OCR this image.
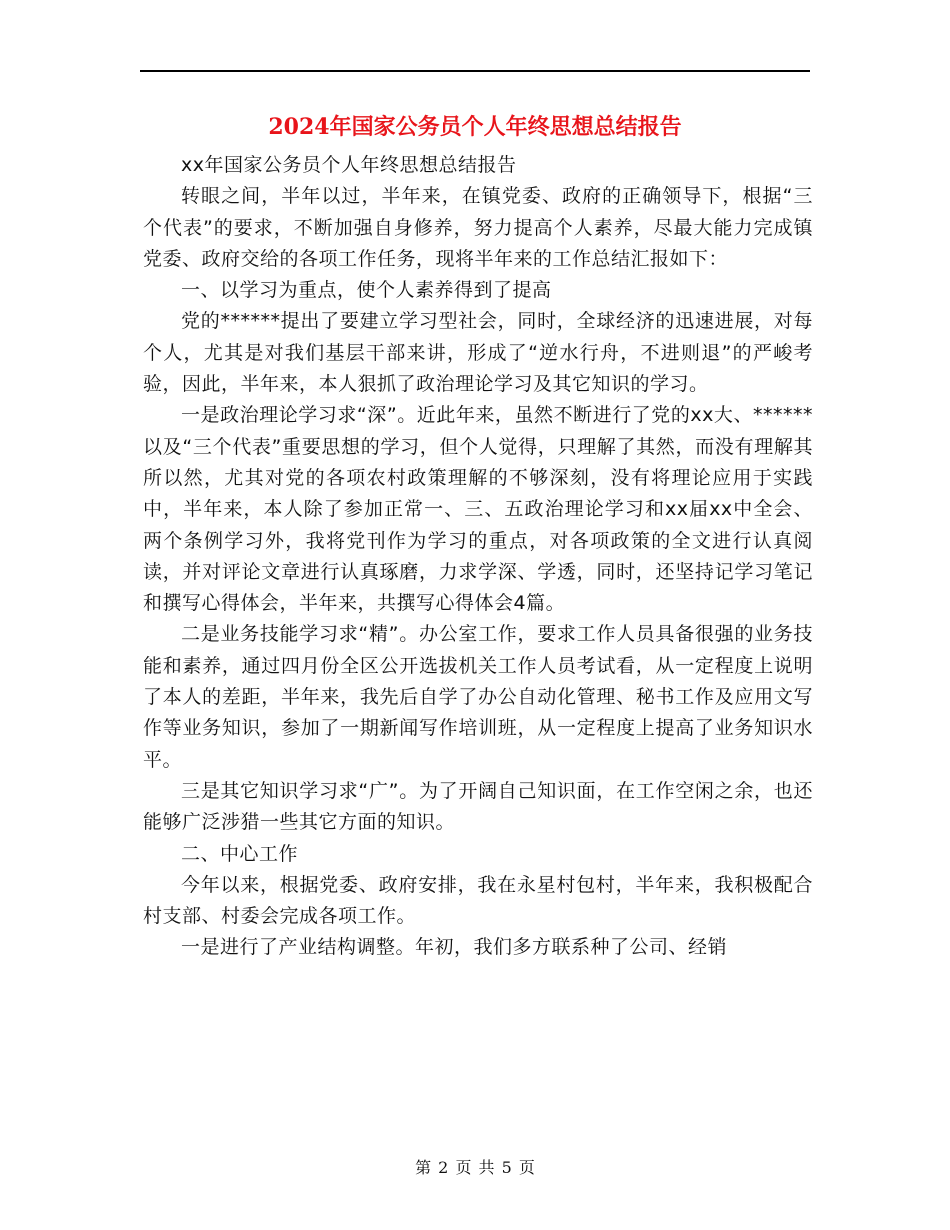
2024年国家公务员个人年终思想总结报告

xx年国家公务员个人年终思想总结报告

转眼之间，半年以过，半年来，在镇党委、政府的正确领导下，根据“三个代表”的要求，不断加强自身修养，努力提高个人素养，尽最大能力完成镇党委、政府交给的各项工作任务，现将半年来的工作总结汇报如下：

一、以学习为重点，使个人素养得到了提高

党的******提出了要建立学习型社会，同时，全球经济的迅速进展，对每个人，尤其是对我们基层干部来讲，形成了“逆水行舟，不进则退”的严峻考验，因此，半年来，本人狠抓了政治理论学习及其它知识的学习。

一是政治理论学习求“深”。近此年来，虽然不断进行了党的xx大、******以及“三个代表”重要思想的学习，但个人觉得，只理解了其然，而没有理解其所以然，尤其对党的各项农村政策理解的不够深刻，没有将理论应用于实践中，半年来，本人除了参加正常一、三、五政治理论学习和xx届xx中全会、两个条例学习外，我将党刊作为学习的重点，对各项政策的全文进行认真阅读，并对评论文章进行认真琢磨，力求学深、学透，同时，还坚持记学习笔记和撰写心得体会，半年来，共撰写心得体会4篇。

二是业务技能学习求“精”。办公室工作，要求工作人员具备很强的业务技能和素养，通过四月份全区公开选拔机关工作人员考试看，从一定程度上说明了本人的差距，半年来，我先后自学了办公自动化管理、秘书工作及应用文写作等业务知识，参加了一期新闻写作培训班，从一定程度上提高了业务知识水平。

三是其它知识学习求“广”。为了开阔自己知识面，在工作空闲之余，也还能够广泛涉猎一些其它方面的知识。

二、中心工作

今年以来，根据党委、政府安排，我在永星村包村，半年来，我积极配合村支部、村委会完成各项工作。

一是进行了产业结构调整。年初，我们多方联系种了公司、经销

第 2 页 共 5 页
